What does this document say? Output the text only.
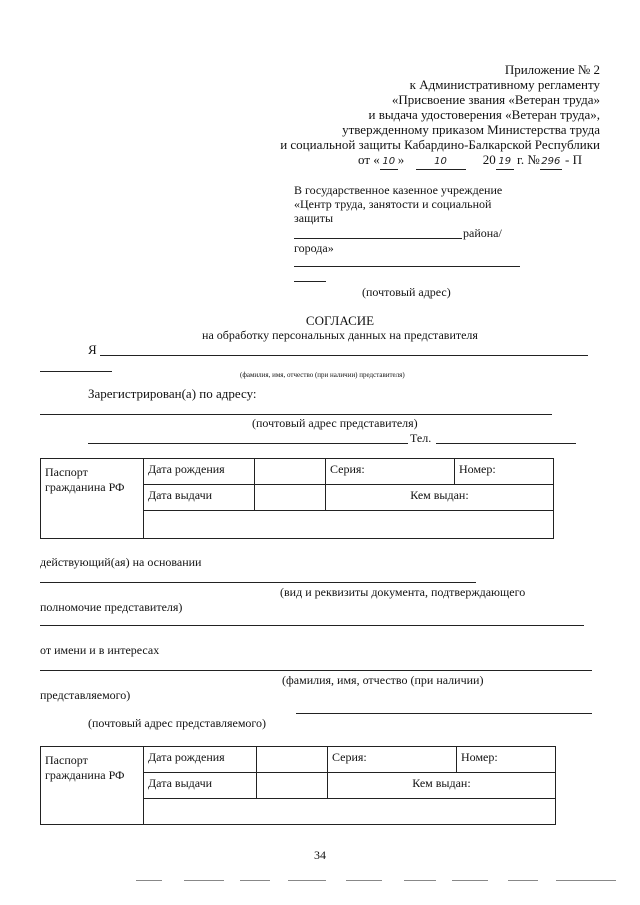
Приложение № 2
к Административному регламенту
«Присвоение звания «Ветеран труда»
и выдача удостоверения «Ветеран труда»,
утвержденному приказом Министерства труда
и социальной защиты Кабардино-Балкарской Республики
от « 10 »	10	20 19 г. №296 - П
В государственное казенное учреждение
«Центр труда, занятости и социальной
защиты
района/
города»
(почтовый адрес)
СОГЛАСИЕ
на обработку персональных данных на представителя
Я
(фамилия, имя, отчество (при наличии) представителя)
Зарегистрирован(а) по адресу:
(почтовый адрес представителя)
Тел.
Паспорт гражданина РФ	Дата рождения		Серия:	Номер:
	Дата выдачи		Кем выдан:	

действующий(ая) на основании
(вид и реквизиты документа, подтверждающего
полномочие представителя)
от имени и в интересах
(фамилия, имя, отчество (при наличии)
представляемого)
(почтовый адрес представляемого)
Паспорт гражданина РФ	Дата рождения		Серия:	Номер:
	Дата выдачи		Кем выдан:	

34
